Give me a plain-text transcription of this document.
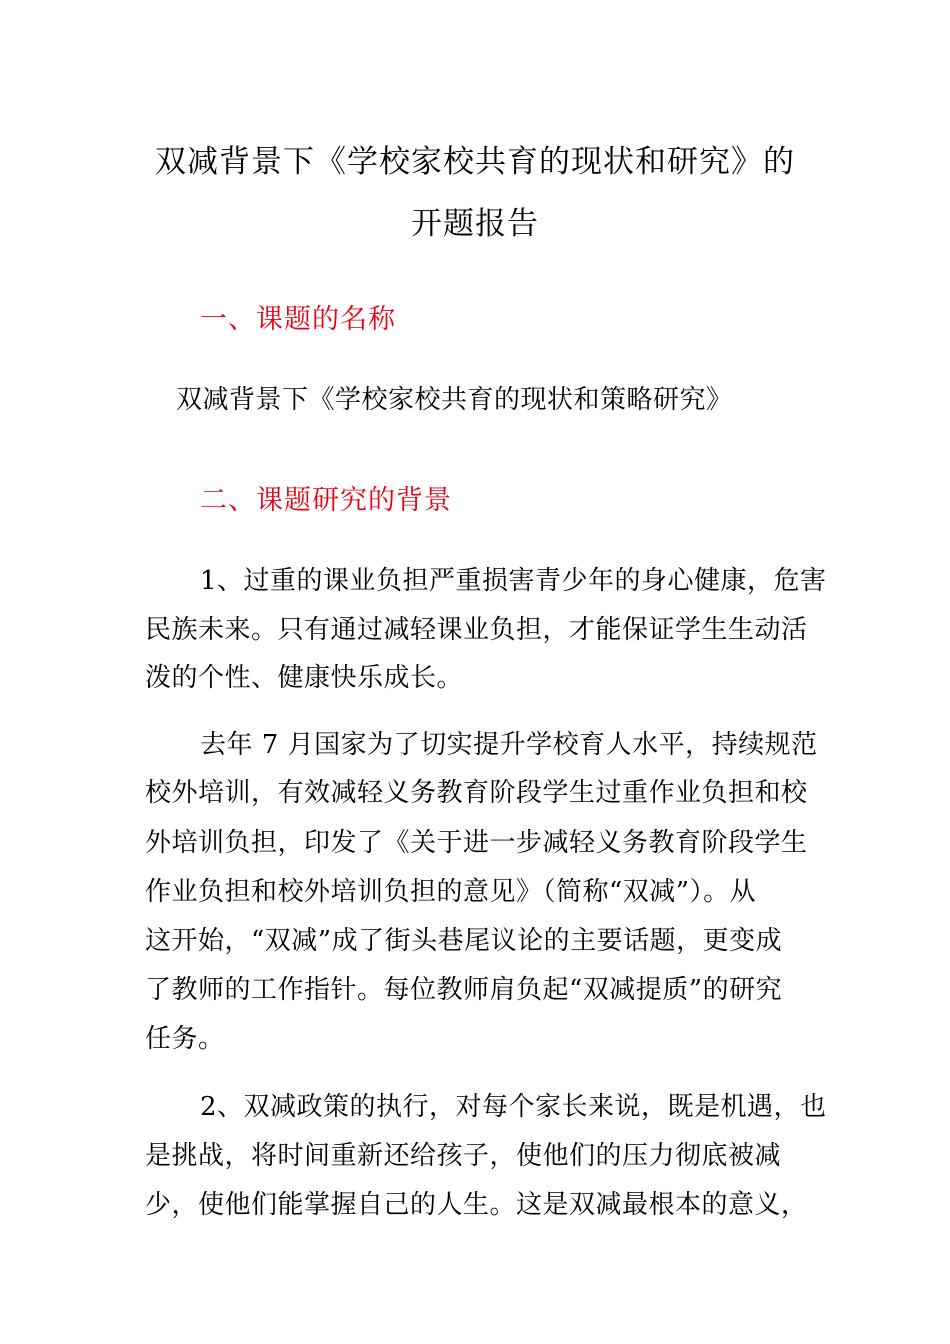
双减背景下《学校家校共育的现状和研究》的
开题报告
一、课题的名称
双减背景下《学校家校共育的现状和策略研究》
二、课题研究的背景
1、过重的课业负担严重损害青少年的身心健康，危害
民族未来。只有通过减轻课业负担，才能保证学生生动活
泼的个性、健康快乐成长。
去年 7 月国家为了切实提升学校育人水平，持续规范
校外培训，有效减轻义务教育阶段学生过重作业负担和校
外培训负担，印发了《关于进一步减轻义务教育阶段学生
作业负担和校外培训负担的意见》（简称“双减”）。从
这开始，“双减”成了街头巷尾议论的主要话题，更变成
了教师的工作指针。每位教师肩负起“双减提质”的研究
任务。
2、双减政策的执行，对每个家长来说，既是机遇，也
是挑战，将时间重新还给孩子，使他们的压力彻底被减
少，使他们能掌握自己的人生。这是双减最根本的意义，
